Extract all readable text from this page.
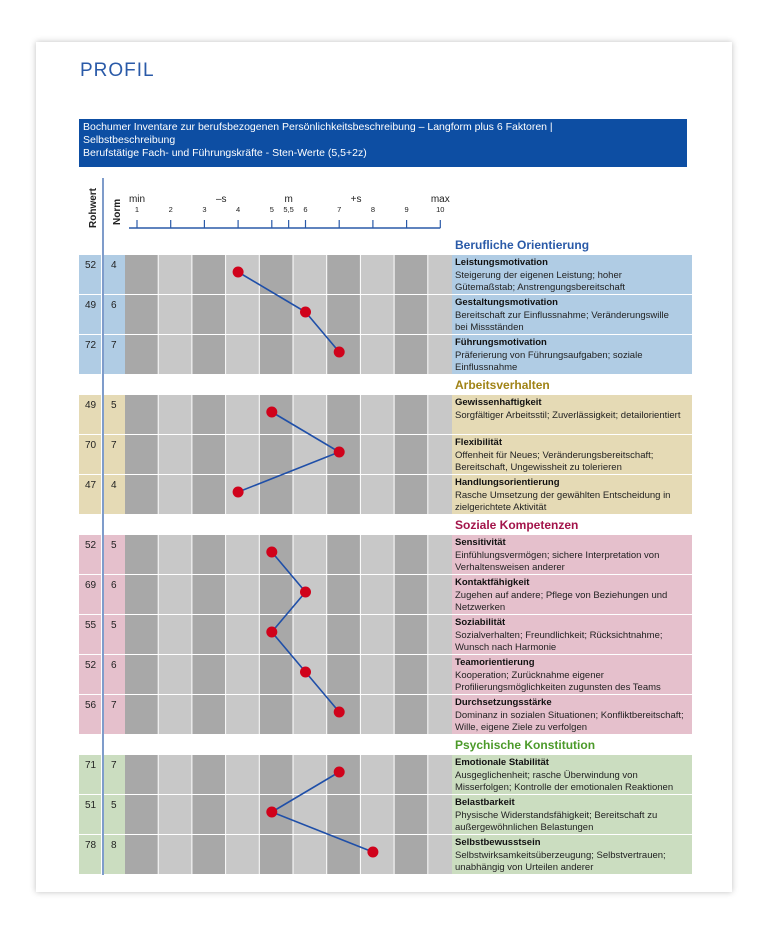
PROFIL
Bochumer Inventare zur berufsbezogenen Persönlichkeitsbeschreibung – Langform plus 6 Faktoren |
Selbstbeschreibung
Berufstätige Fach- und Führungskräfte - Sten-Werte (5,5+2z)
Rohwert Norm min	–s	m	+s	max
1	2	3	4	5 5,5 6	7	8	9	10
Berufliche Orientierung
52 4	Leistungsmotivation
Steigerung der eigenen Leistung; hoher
Gütemaßstab; Anstrengungsbereitschaft
49 6	Gestaltungsmotivation
Bereitschaft zur Einflussnahme; Veränderungswille
bei Missständen
72 7	Führungsmotivation
Präferierung von Führungsaufgaben; soziale
Einflussnahme
Arbeitsverhalten
49 5	Gewissenhaftigkeit
Sorgfältiger Arbeitsstil; Zuverlässigkeit; detailorientiert
70 7	Flexibilität
Offenheit für Neues; Veränderungsbereitschaft;
Bereitschaft, Ungewissheit zu tolerieren
47 4	Handlungsorientierung
Rasche Umsetzung der gewählten Entscheidung in
zielgerichtete Aktivität
Soziale Kompetenzen
52 5	Sensitivität
Einfühlungsvermögen; sichere Interpretation von
Verhaltensweisen anderer
69 6	Kontaktfähigkeit
Zugehen auf andere; Pflege von Beziehungen und
Netzwerken
55 5	Soziabilität
Sozialverhalten; Freundlichkeit; Rücksichtnahme;
Wunsch nach Harmonie
52 6	Teamorientierung
Kooperation; Zurücknahme eigener
Profilierungsmöglichkeiten zugunsten des Teams
56 7	Durchsetzungsstärke
Dominanz in sozialen Situationen; Konfliktbereitschaft;
Wille, eigene Ziele zu verfolgen
Psychische Konstitution
71 7	Emotionale Stabilität
Ausgeglichenheit; rasche Überwindung von
Misserfolgen; Kontrolle der emotionalen Reaktionen
51 5	Belastbarkeit
Physische Widerstandsfähigkeit; Bereitschaft zu
außergewöhnlichen Belastungen
78 8	Selbstbewusstsein
Selbstwirksamkeitsüberzeugung; Selbstvertrauen;
unabhängig von Urteilen anderer
